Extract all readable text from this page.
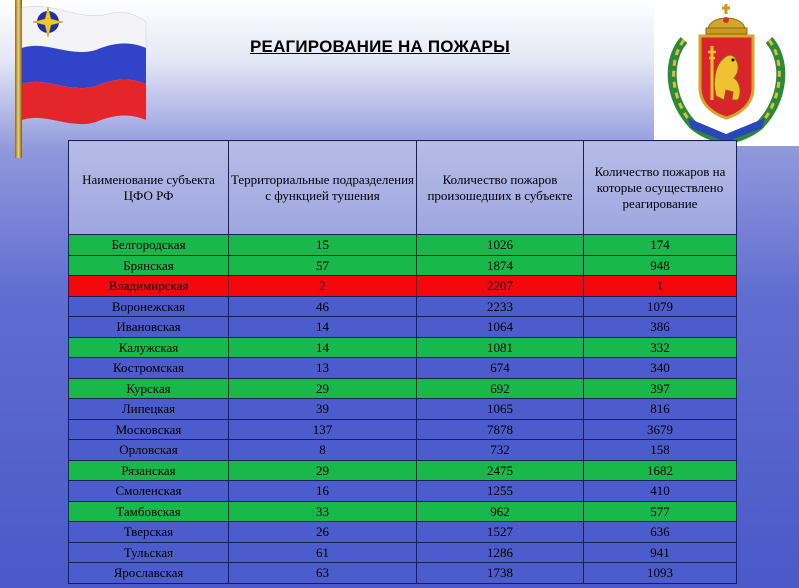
РЕАГИРОВАНИЕ НА ПОЖАРЫ
Наименование субъекта ЦФО РФ	Территориальные подразделения с функцией тушения	Количество пожаров произошедших в субъекте	Количество пожаров на которые осуществлено реагирование
Белгородская	15	1026	174
Брянская	57	1874	948
Владимирская	2	2207	1
Воронежская	46	2233	1079
Ивановская	14	1064	386
Калужская	14	1081	332
Костромская	13	674	340
Курская	29	692	397
Липецкая	39	1065	816
Московская	137	7878	3679
Орловская	8	732	158
Рязанская	29	2475	1682
Смоленская	16	1255	410
Тамбовская	33	962	577
Тверская	26	1527	636
Тульская	61	1286	941
Ярославская	63	1738	1093
